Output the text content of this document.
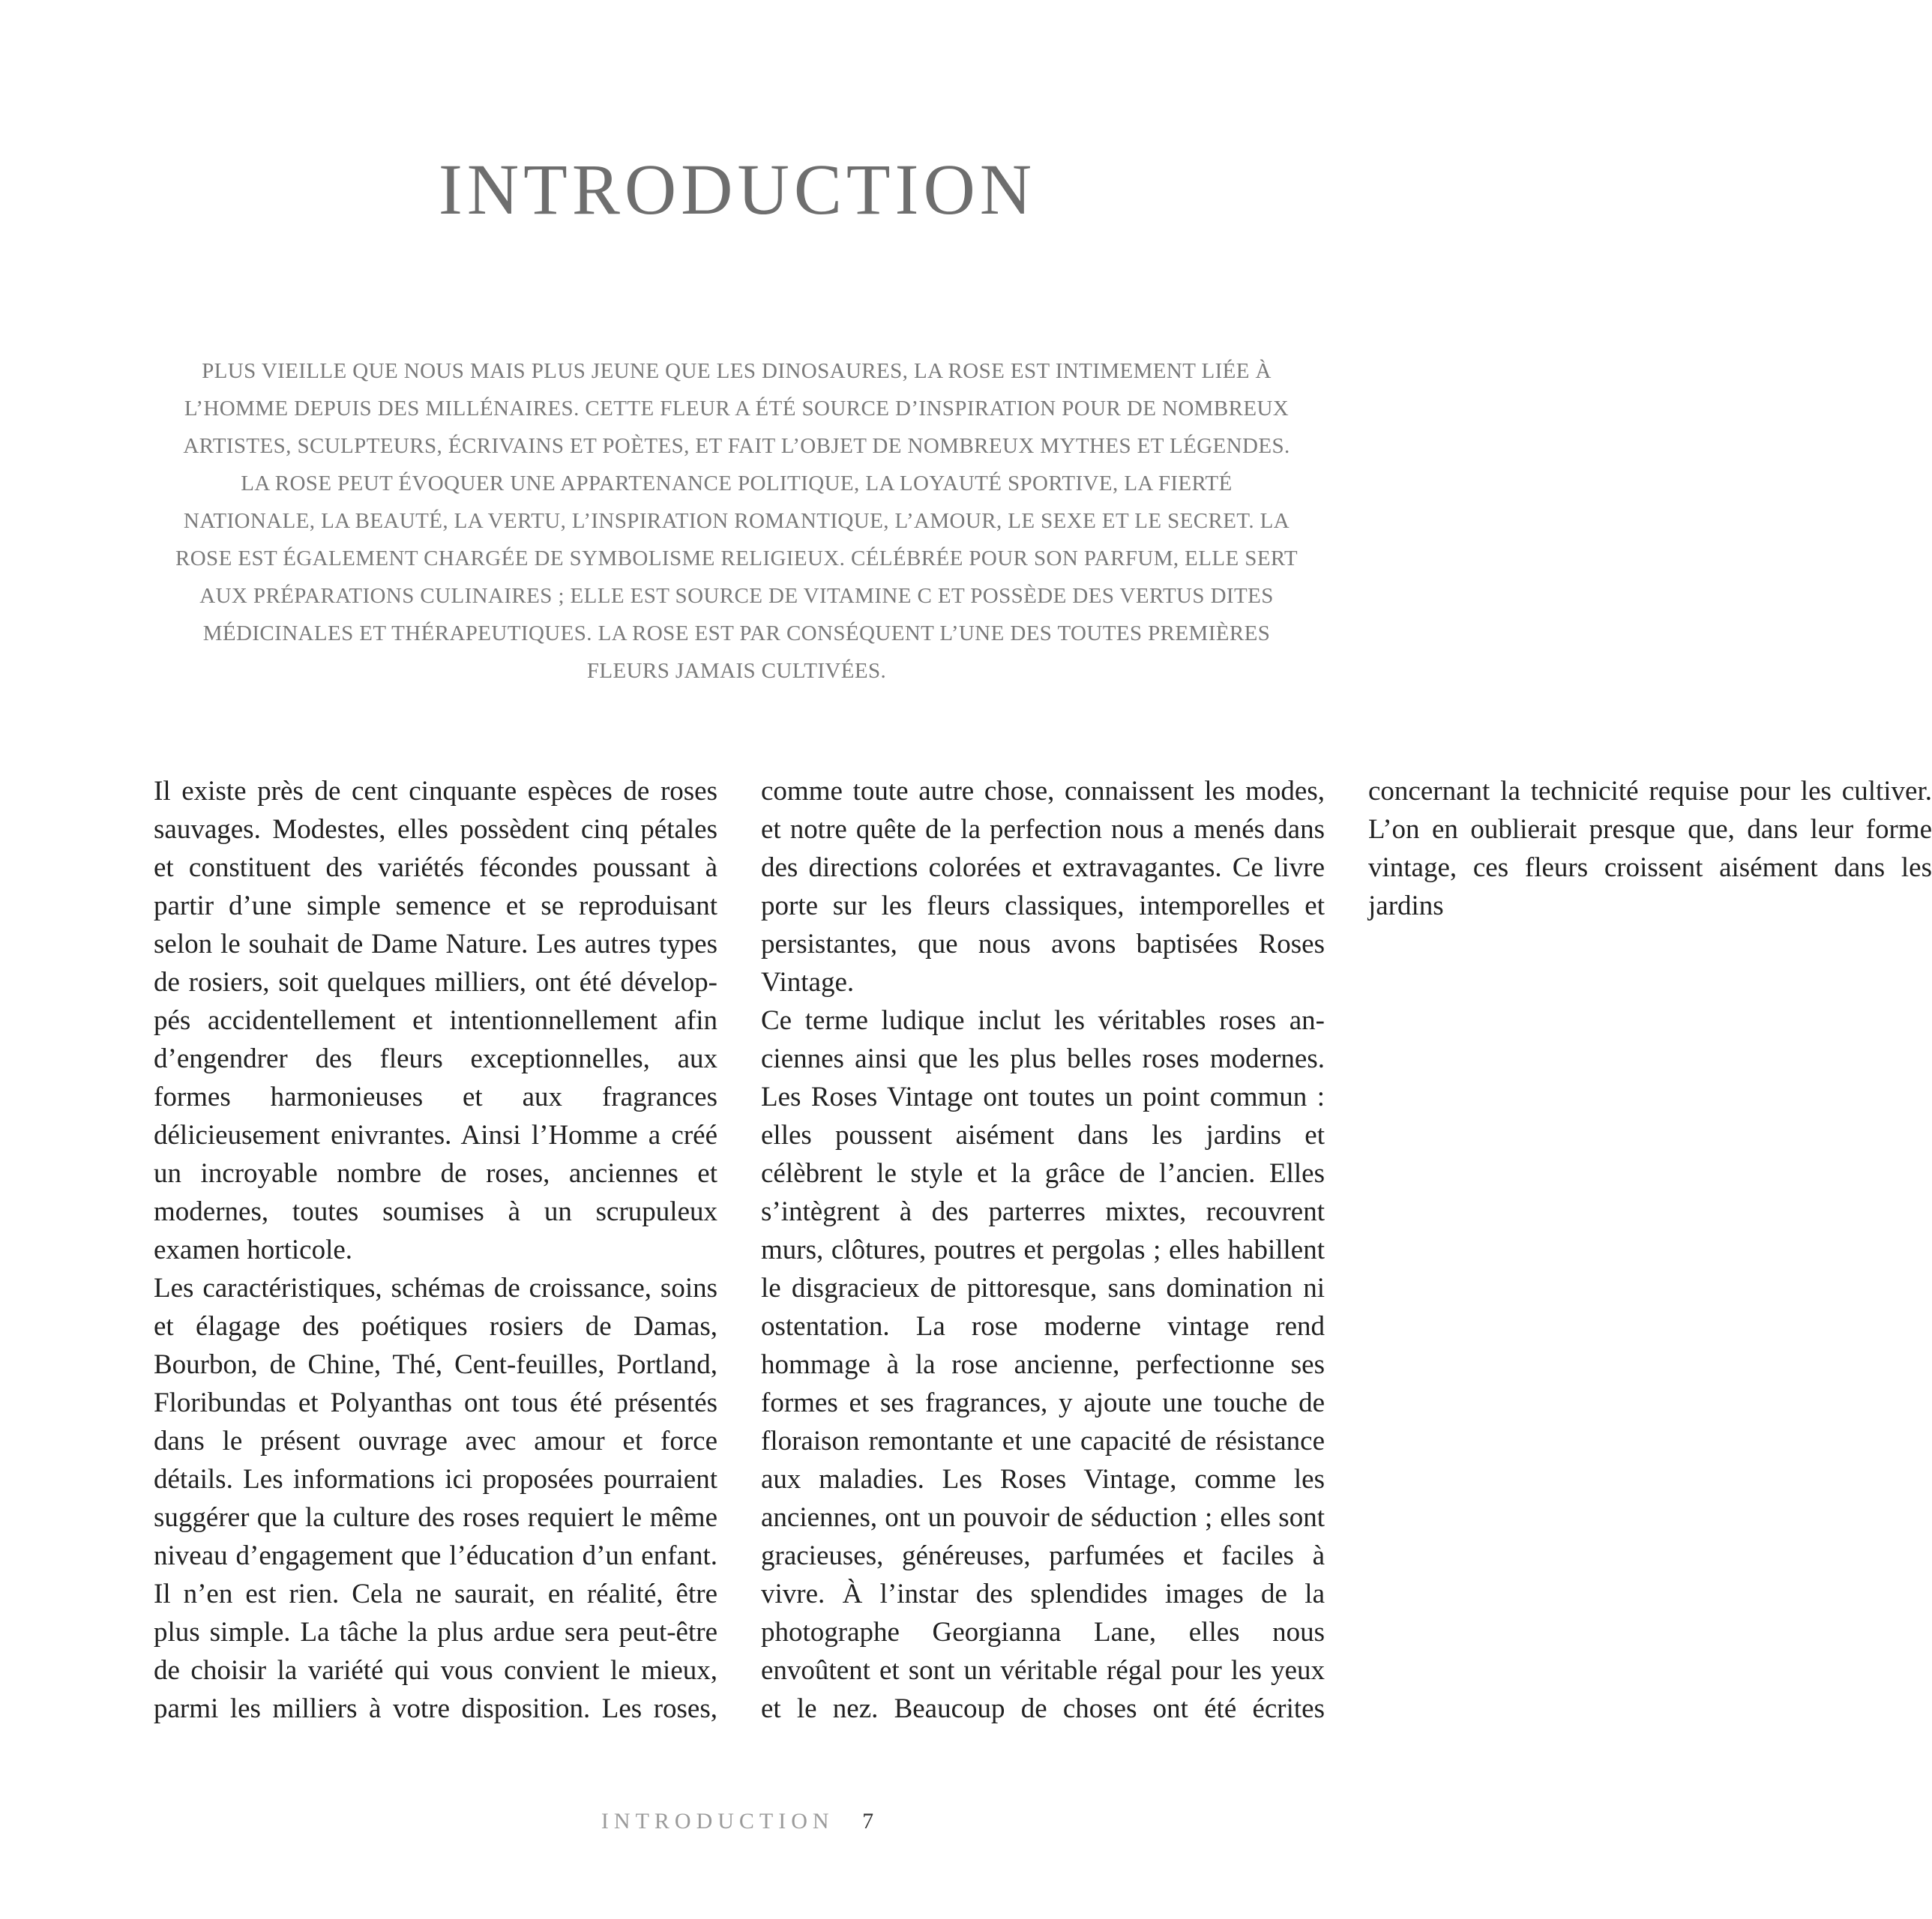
INTRODUCTION

PLUS VIEILLE QUE NOUS MAIS PLUS JEUNE QUE LES DINOSAURES, LA ROSE EST INTIMEMENT LIÉE À L’HOMME DEPUIS DES MILLÉNAIRES. CETTE FLEUR A ÉTÉ SOURCE D’INSPIRATION POUR DE NOMBREUX ARTISTES, SCULPTEURS, ÉCRIVAINS ET POÈTES, ET FAIT L’OBJET DE NOMBREUX MYTHES ET LÉGENDES. LA ROSE PEUT ÉVOQUER UNE APPARTENANCE POLITIQUE, LA LOYAUTÉ SPORTIVE, LA FIERTÉ NATIONALE, LA BEAUTÉ, LA VERTU, L’INSPIRATION ROMANTIQUE, L’AMOUR, LE SEXE ET LE SECRET. LA ROSE EST ÉGALEMENT CHARGÉE DE SYMBOLISME RELIGIEUX. CÉLÉBRÉE POUR SON PARFUM, ELLE SERT AUX PRÉPARATIONS CULINAIRES ; ELLE EST SOURCE DE VITAMINE C ET POSSÈDE DES VERTUS DITES MÉDICINALES ET THÉRAPEUTIQUES. LA ROSE EST PAR CONSÉQUENT L’UNE DES TOUTES PREMIÈRES FLEURS JAMAIS CULTIVÉES.

Il existe près de cent cinquante espèces de roses sauvages. Modestes, elles possèdent cinq pétales et constituent des variétés fécondes poussant à partir d’une simple semence et se reproduisant selon le souhait de Dame Nature. Les autres types de rosiers, soit quelques milliers, ont été développés accidentellement et intentionnellement afin d’engendrer des fleurs exceptionnelles, aux formes harmonieuses et aux fragrances délicieusement enivrantes. Ainsi l’Homme a créé un incroyable nombre de roses, anciennes et modernes, toutes soumises à un scrupuleux examen horticole.

Les caractéristiques, schémas de croissance, soins et élagage des poétiques rosiers de Damas, Bourbon, de Chine, Thé, Cent-feuilles, Portland, Floribundas et Polyanthas ont tous été présentés dans le présent ouvrage avec amour et force détails. Les informations ici proposées pourraient suggérer que la culture des roses requiert le même niveau d’engagement que l’éducation d’un enfant. Il n’en est rien. Cela ne saurait, en réalité, être plus simple. La tâche la plus ardue sera peut-être de choisir la variété qui vous convient le mieux, parmi les milliers à votre disposition. Les roses, comme toute autre chose, connaissent les modes, et notre quête de la perfection nous a menés dans des directions colorées et extravagantes. Ce livre porte sur les fleurs classiques, intemporelles et persistantes, que nous avons baptisées Roses Vintage.

Ce terme ludique inclut les véritables roses anciennes ainsi que les plus belles roses modernes. Les Roses Vintage ont toutes un point commun : elles poussent aisément dans les jardins et célèbrent le style et la grâce de l’ancien. Elles s’intègrent à des parterres mixtes, recouvrent murs, clôtures, poutres et pergolas ; elles habillent le disgracieux de pittoresque, sans domination ni ostentation. La rose moderne vintage rend hommage à la rose ancienne, perfectionne ses formes et ses fragrances, y ajoute une touche de floraison remontante et une capacité de résistance aux maladies. Les Roses Vintage, comme les anciennes, ont un pouvoir de séduction ; elles sont gracieuses, généreuses, parfumées et faciles à vivre. À l’instar des splendides images de la photographe Georgianna Lane, elles nous envoûtent et sont un véritable régal pour les yeux et le nez. Beaucoup de choses ont été écrites concernant la technicité requise pour les cultiver. L’on en oublierait presque que, dans leur forme vintage, ces fleurs croissent aisément dans les jardins

INTRODUCTION 7
